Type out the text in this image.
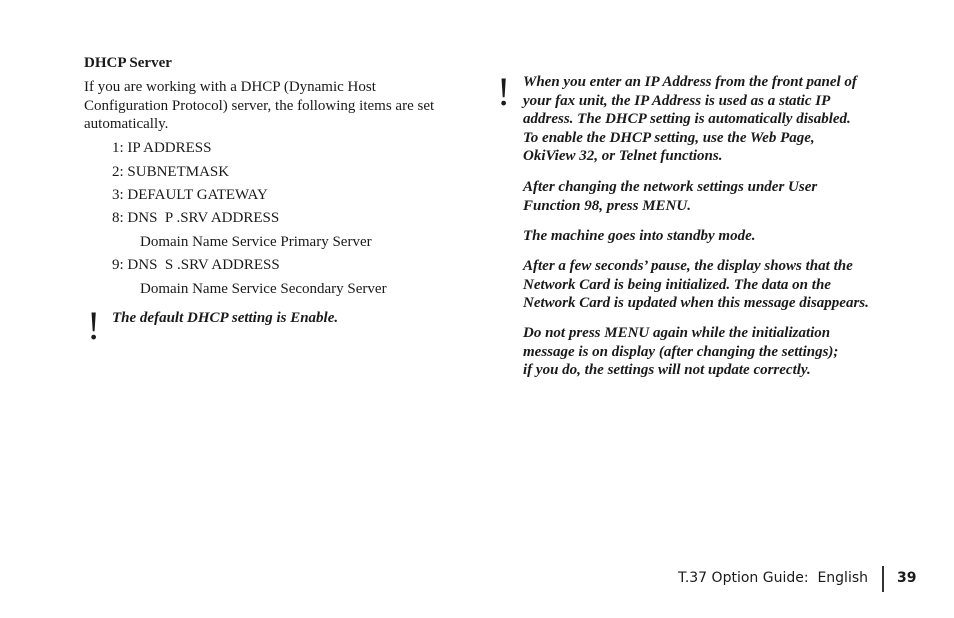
DHCP Server
If you are working with a DHCP (Dynamic Host Configuration Protocol) server, the following items are set automatically.
1: IP ADDRESS
2: SUBNETMASK
3: DEFAULT GATEWAY
8: DNS  P .SRV ADDRESS
Domain Name Service Primary Server
9: DNS  S .SRV ADDRESS
Domain Name Service Secondary Server
! The default DHCP setting is Enable.
! When you enter an IP Address from the front panel of
your fax unit, the IP Address is used as a static IP
address. The DHCP setting is automatically disabled.
To enable the DHCP setting, use the Web Page,
OkiView 32, or Telnet functions.
After changing the network settings under User
Function 98, press MENU.
The machine goes into standby mode.
After a few seconds’ pause, the display shows that the
Network Card is being initialized. The data on the
Network Card is updated when this message disappears.
Do not press MENU again while the initialization
message is on display (after changing the settings);
if you do, the settings will not update correctly.
T.37 Option Guide:  English 39
